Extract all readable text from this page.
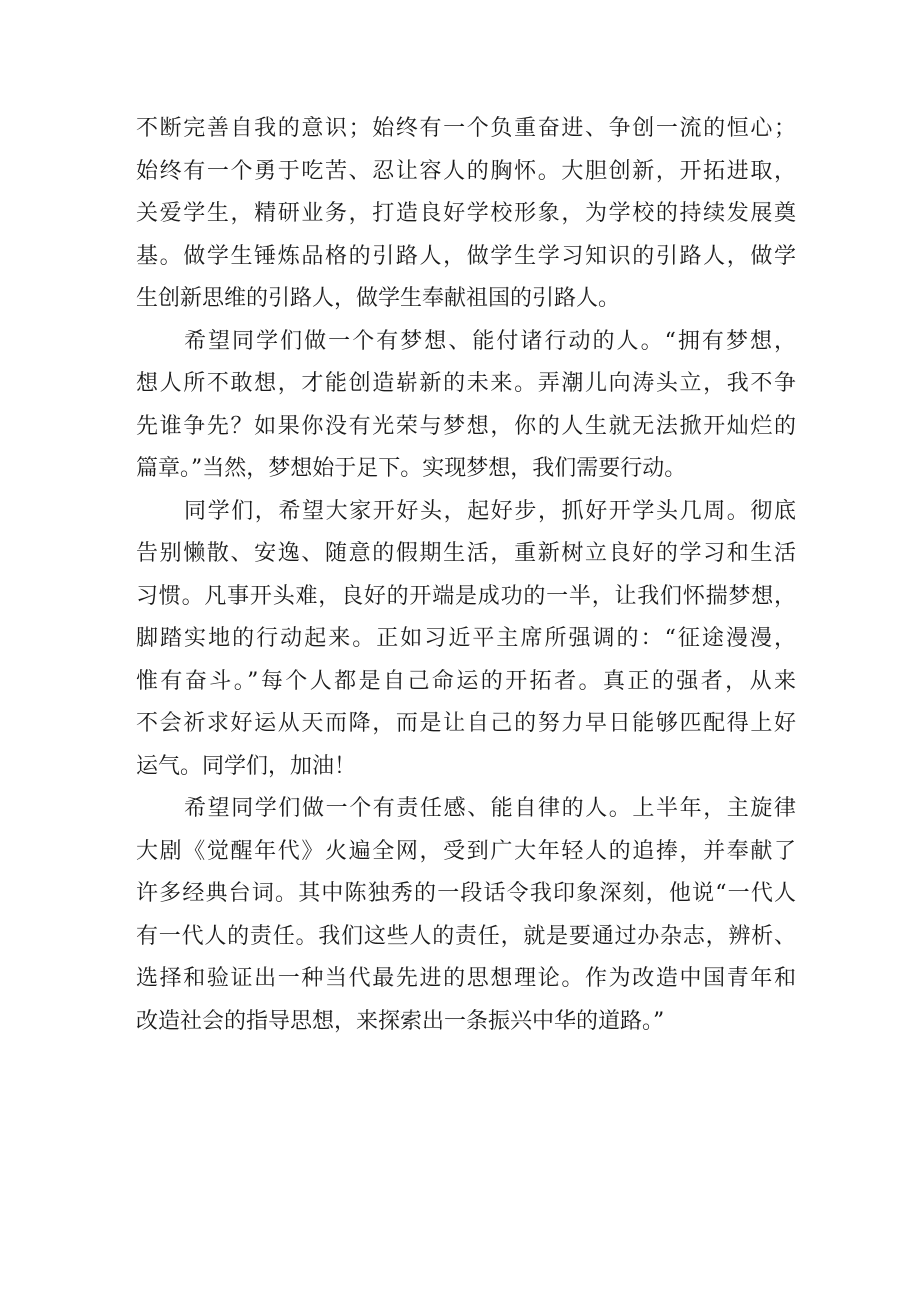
不断完善自我的意识；始终有一个负重奋进、争创一流的恒心；
始终有一个勇于吃苦、忍让容人的胸怀。大胆创新，开拓进取，
关爱学生，精研业务，打造良好学校形象，为学校的持续发展奠
基。做学生锤炼品格的引路人，做学生学习知识的引路人，做学
生创新思维的引路人，做学生奉献祖国的引路人。
希望同学们做一个有梦想、能付诸行动的人。“拥有梦想，
想人所不敢想，才能创造崭新的未来。弄潮儿向涛头立，我不争
先谁争先？如果你没有光荣与梦想，你的人生就无法掀开灿烂的
篇章。”当然，梦想始于足下。实现梦想，我们需要行动。
同学们，希望大家开好头，起好步，抓好开学头几周。彻底
告别懒散、安逸、随意的假期生活，重新树立良好的学习和生活
习惯。凡事开头难，良好的开端是成功的一半，让我们怀揣梦想，
脚踏实地的行动起来。正如习近平主席所强调的：“征途漫漫，
惟有奋斗。”每个人都是自己命运的开拓者。真正的强者，从来
不会祈求好运从天而降，而是让自己的努力早日能够匹配得上好
运气。同学们，加油！
希望同学们做一个有责任感、能自律的人。上半年，主旋律
大剧《觉醒年代》火遍全网，受到广大年轻人的追捧，并奉献了
许多经典台词。其中陈独秀的一段话令我印象深刻，他说“一代人
有一代人的责任。我们这些人的责任，就是要通过办杂志，辨析、
选择和验证出一种当代最先进的思想理论。作为改造中国青年和
改造社会的指导思想，来探索出一条振兴中华的道路。”
